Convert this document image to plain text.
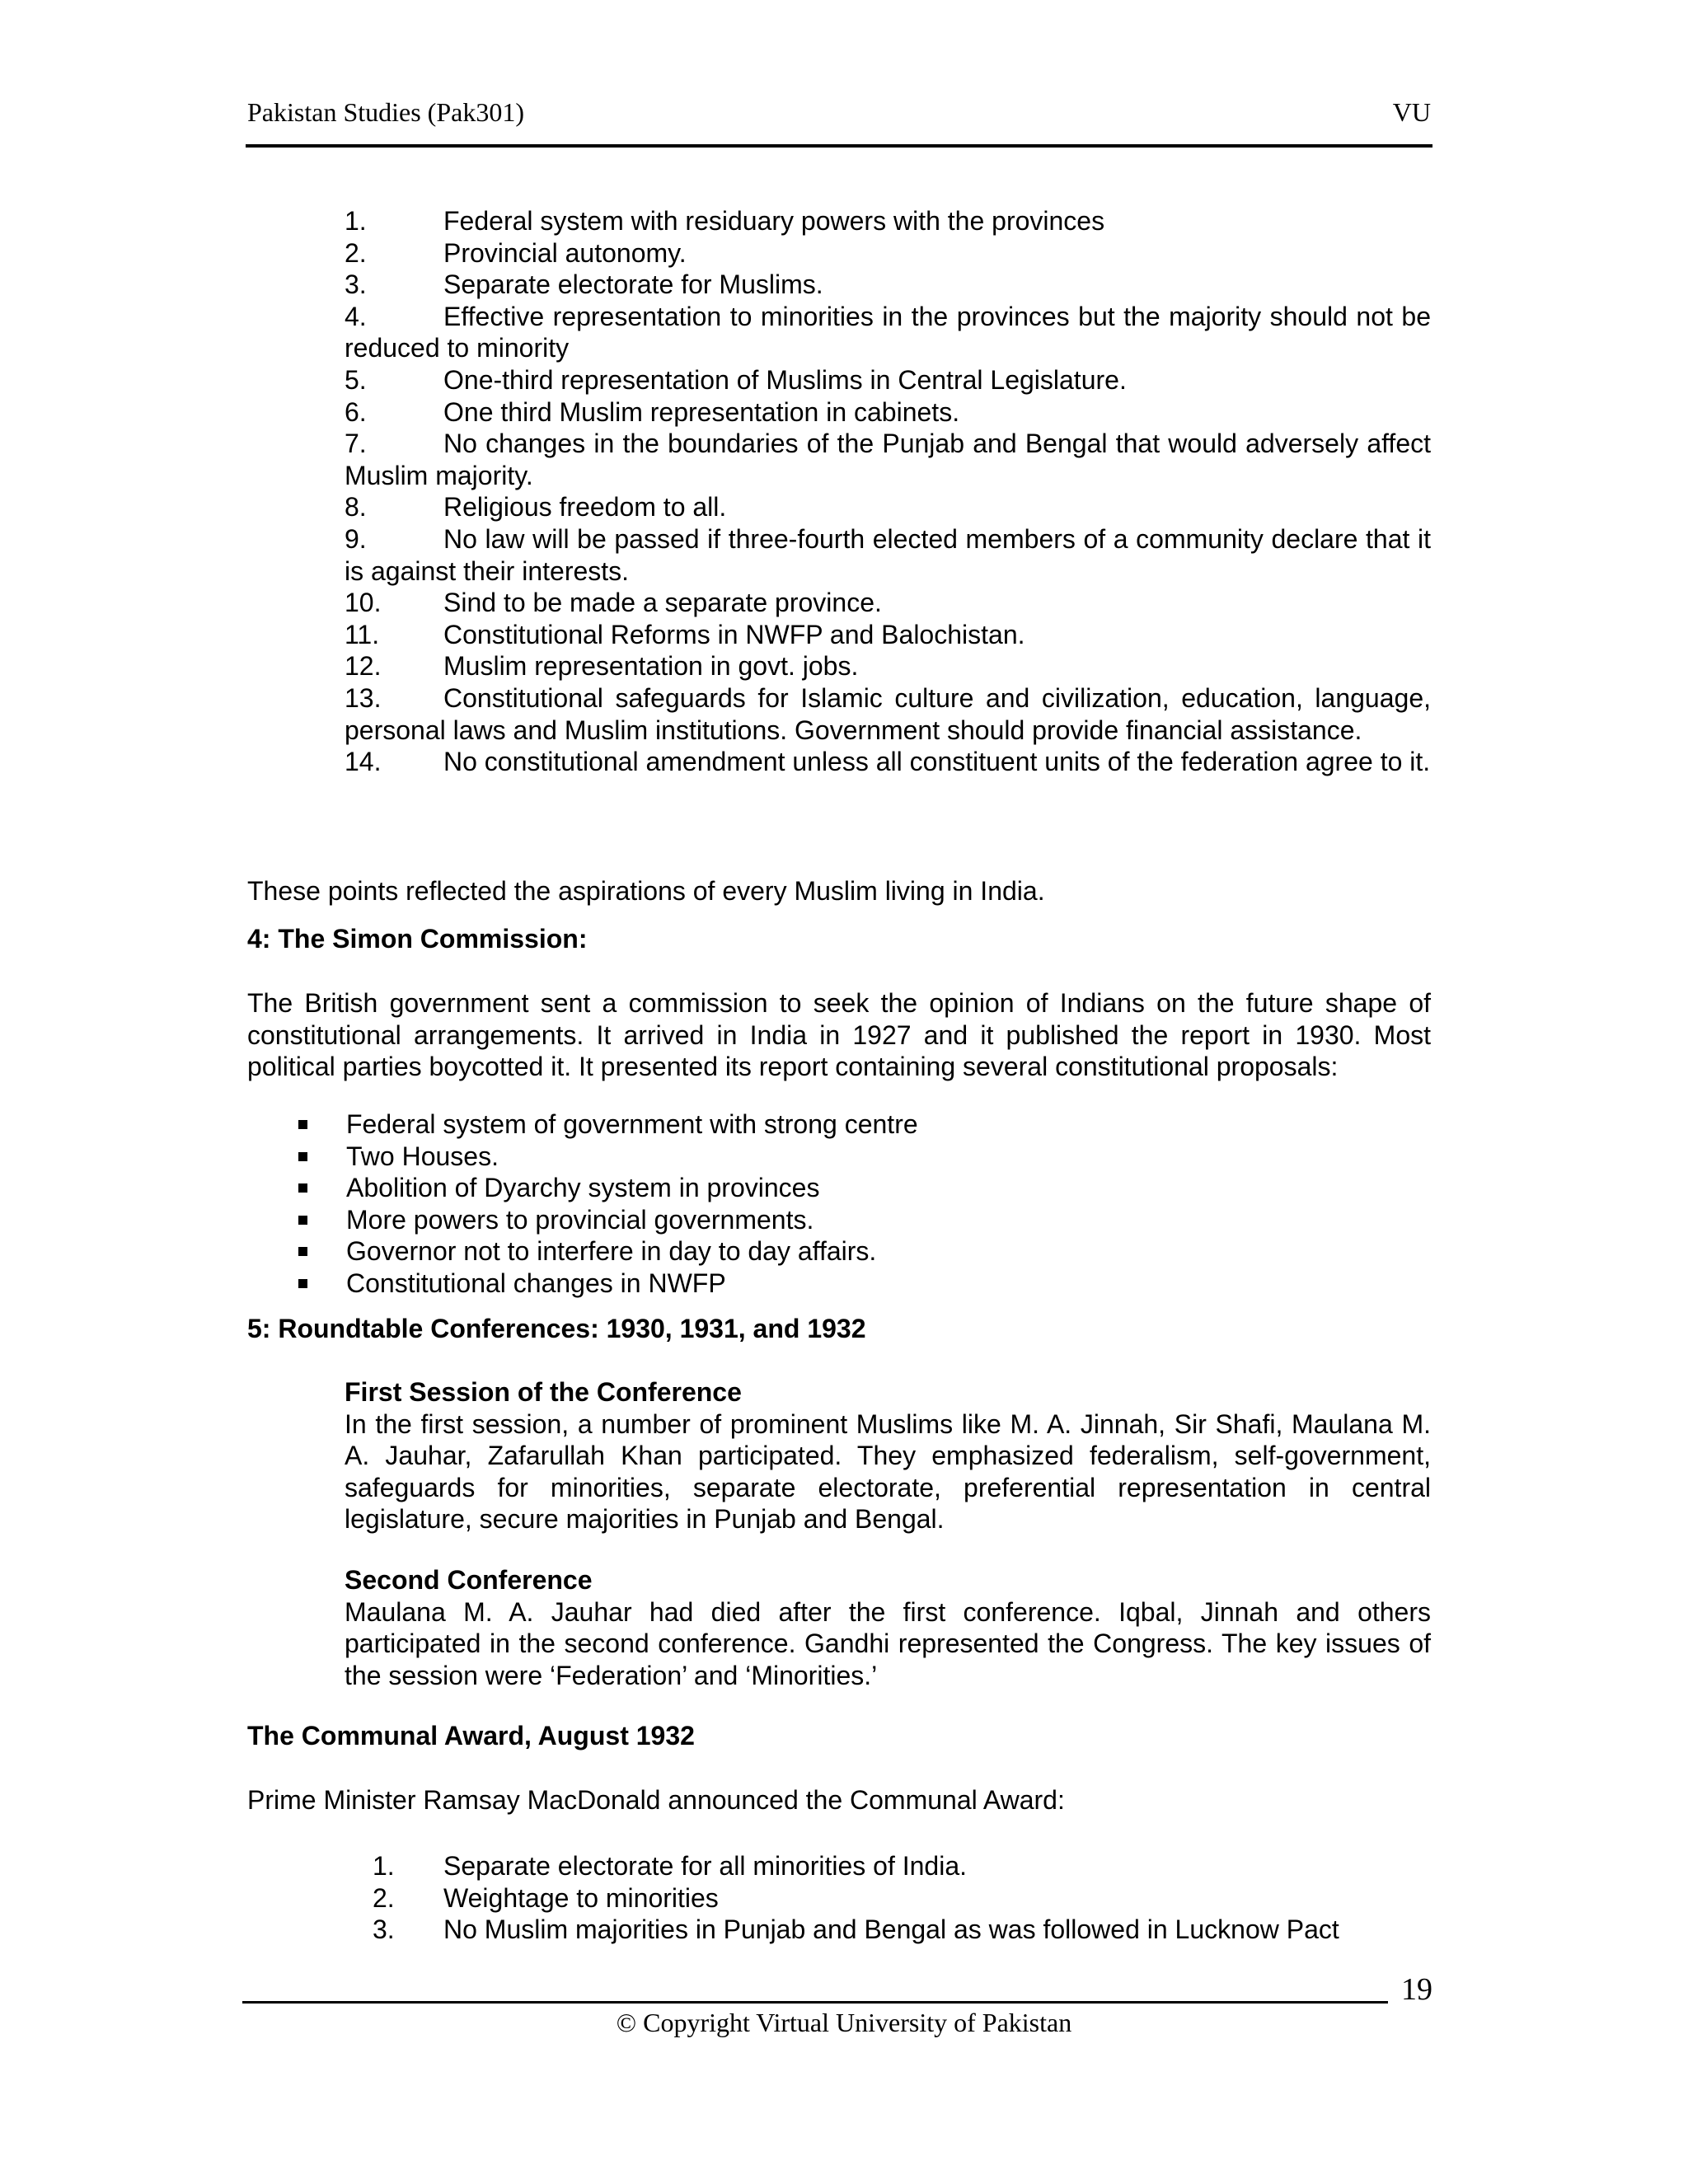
Pakistan Studies (Pak301)	VU
1.	Federal system with residuary powers with the provinces
2.	Provincial autonomy.
3.	Separate electorate for Muslims.
4.	Effective representation to minorities in the provinces but the majority should not be reduced to minority
5.	One-third representation of Muslims in Central Legislature.
6.	One third Muslim representation in cabinets.
7.	No changes in the boundaries of the Punjab and Bengal that would adversely affect Muslim majority.
8.	Religious freedom to all.
9.	No law will be passed if three-fourth elected members of a community declare that it is against their interests.
10. Sind to be made a separate province.
11. Constitutional Reforms in NWFP and Balochistan.
12. Muslim representation in govt. jobs.
13. Constitutional safeguards for Islamic culture and civilization, education, language, personal laws and Muslim institutions. Government should provide financial assistance.
14. No constitutional amendment unless all constituent units of the federation agree to it.
These points reflected the aspirations of every Muslim living in India.
4: The Simon Commission:
The British government sent a commission to seek the opinion of Indians on the future shape of constitutional arrangements. It arrived in India in 1927 and it published the report in 1930. Most political parties boycotted it. It presented its report containing several constitutional proposals:
Federal system of government with strong centre
Two Houses.
Abolition of Dyarchy system in provinces
More powers to provincial governments.
Governor not to interfere in day to day affairs.
Constitutional changes in NWFP
5: Roundtable Conferences: 1930, 1931, and 1932
First Session of the Conference
In the first session, a number of prominent Muslims like M. A. Jinnah, Sir Shafi, Maulana M. A. Jauhar, Zafarullah Khan participated. They emphasized federalism, self-government, safeguards for minorities, separate electorate, preferential representation in central legislature, secure majorities in Punjab and Bengal.
Second Conference
Maulana M. A. Jauhar had died after the first conference. Iqbal, Jinnah and others participated in the second conference. Gandhi represented the Congress. The key issues of the session were ‘Federation’ and ‘Minorities.’
The Communal Award, August 1932
Prime Minister Ramsay MacDonald announced the Communal Award:
1. Separate electorate for all minorities of India.
2. Weightage to minorities
3. No Muslim majorities in Punjab and Bengal as was followed in Lucknow Pact
19
© Copyright Virtual University of Pakistan
